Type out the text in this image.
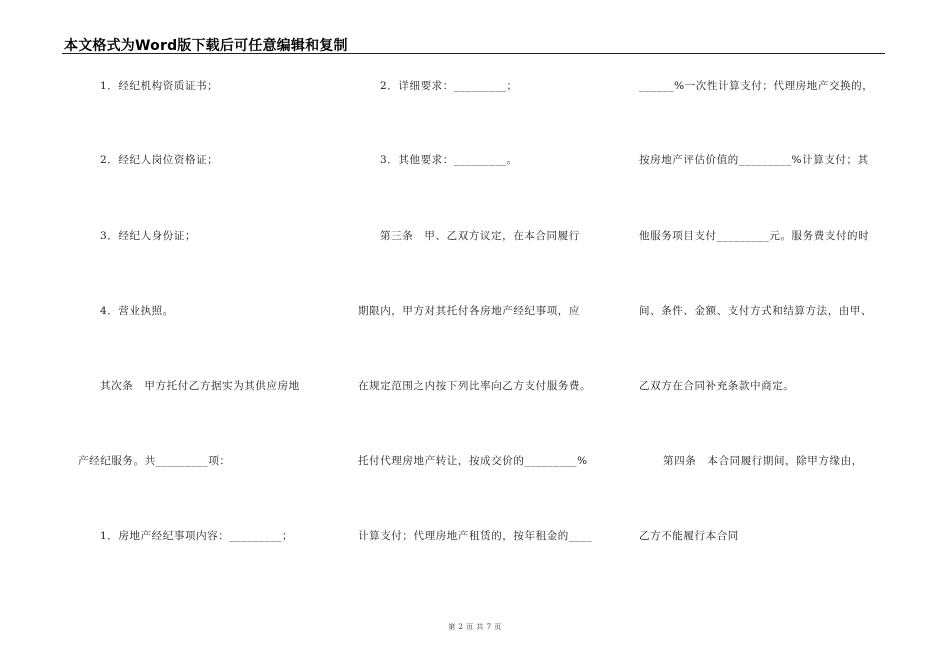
本文格式为Word版下载后可任意编辑和复制
1．经纪机构资质证书；
2．经纪人岗位资格证；
3．经纪人身份证；
4．营业执照。
其次条　甲方托付乙方据实为其供应房地
产经纪服务。共_________项：
1．房地产经纪事项内容：_________；
2．详细要求：_________；
3．其他要求：_________。
第三条　甲、乙双方议定，在本合同履行
期限内，甲方对其托付各房地产经纪事项，应
在规定范围之内按下列比率向乙方支付服务费。
托付代理房地产转让，按成交价的_________%
计算支付；代理房地产租赁的，按年租金的____
______%一次性计算支付；代理房地产交换的，
按房地产评估价值的_________%计算支付；其
他服务项目支付_________元。服务费支付的时
间、条件、金额、支付方式和结算方法，由甲、
乙双方在合同补充条款中商定。
第四条　本合同履行期间，除甲方缘由，
乙方不能履行本合同
第 2 页 共 7 页
